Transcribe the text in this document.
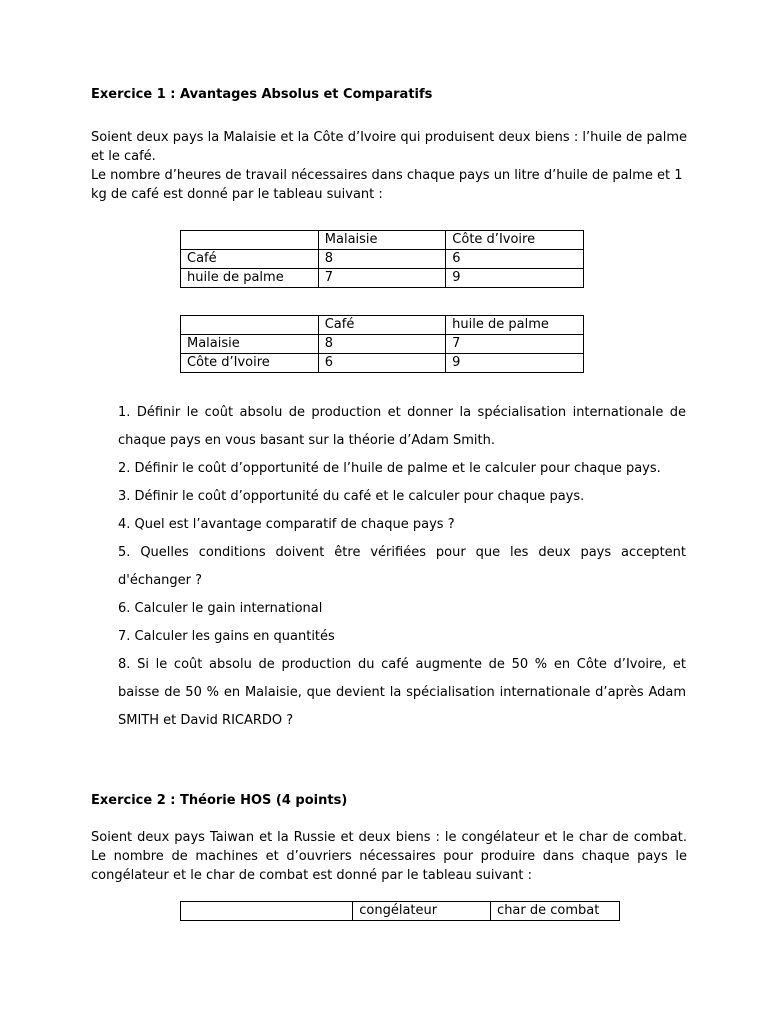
Exercice 1 : Avantages Absolus et Comparatifs

Soient deux pays la Malaisie et la Côte d’Ivoire qui produisent deux biens : l’huile de palme et le café.

Le nombre d’heures de travail nécessaires dans chaque pays un litre d’huile de palme et 1 kg de café est donné par le tableau suivant :

	Malaisie	Côte d’Ivoire
Café	8	6
huile de palme	7	9
	Café	huile de palme
Malaisie	8	7
Côte d’Ivoire	6	9
1. Définir le coût absolu de production et donner la spécialisation internationale de chaque pays en vous basant sur la théorie d’Adam Smith.
2. Définir le coût d’opportunité de l’huile de palme et le calculer pour chaque pays.
3. Définir le coût d’opportunité du café et le calculer pour chaque pays.
4. Quel est l’avantage comparatif de chaque pays ?
5. Quelles conditions doivent être vérifiées pour que les deux pays acceptent d'échanger ?
6. Calculer le gain international
7. Calculer les gains en quantités
8. Si le coût absolu de production du café augmente de 50 % en Côte d’Ivoire, et baisse de 50 % en Malaisie, que devient la spécialisation internationale d’après Adam SMITH et David RICARDO ?
Exercice 2 : Théorie HOS (4 points)
Soient deux pays Taiwan et la Russie et deux biens : le congélateur et le char de combat. Le nombre de machines et d’ouvriers nécessaires pour produire dans chaque pays le congélateur et le char de combat est donné par le tableau suivant :
	congélateur	char de combat
